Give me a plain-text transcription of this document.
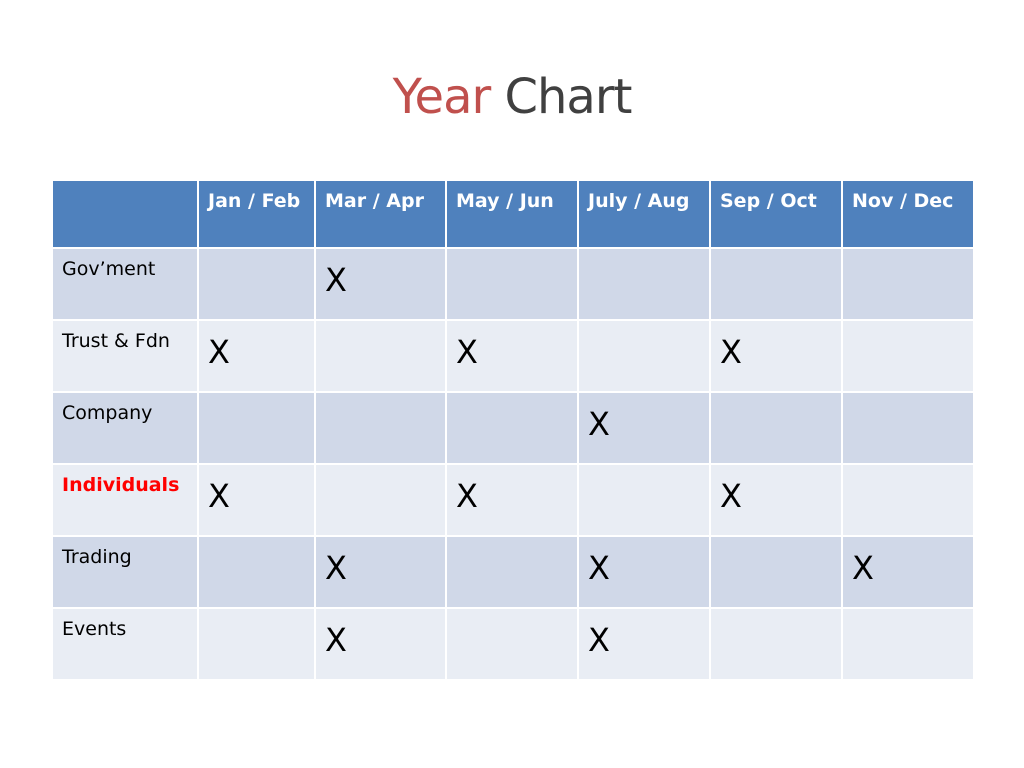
Year Chart
	Jan / Feb	Mar / Apr	May / Jun	July / Aug	Sep / Oct	Nov / Dec
Gov’ment		X				
Trust & Fdn	X		X		X	
Company				X		
Individuals	X		X		X	
Trading		X		X		X
Events		X		X		
